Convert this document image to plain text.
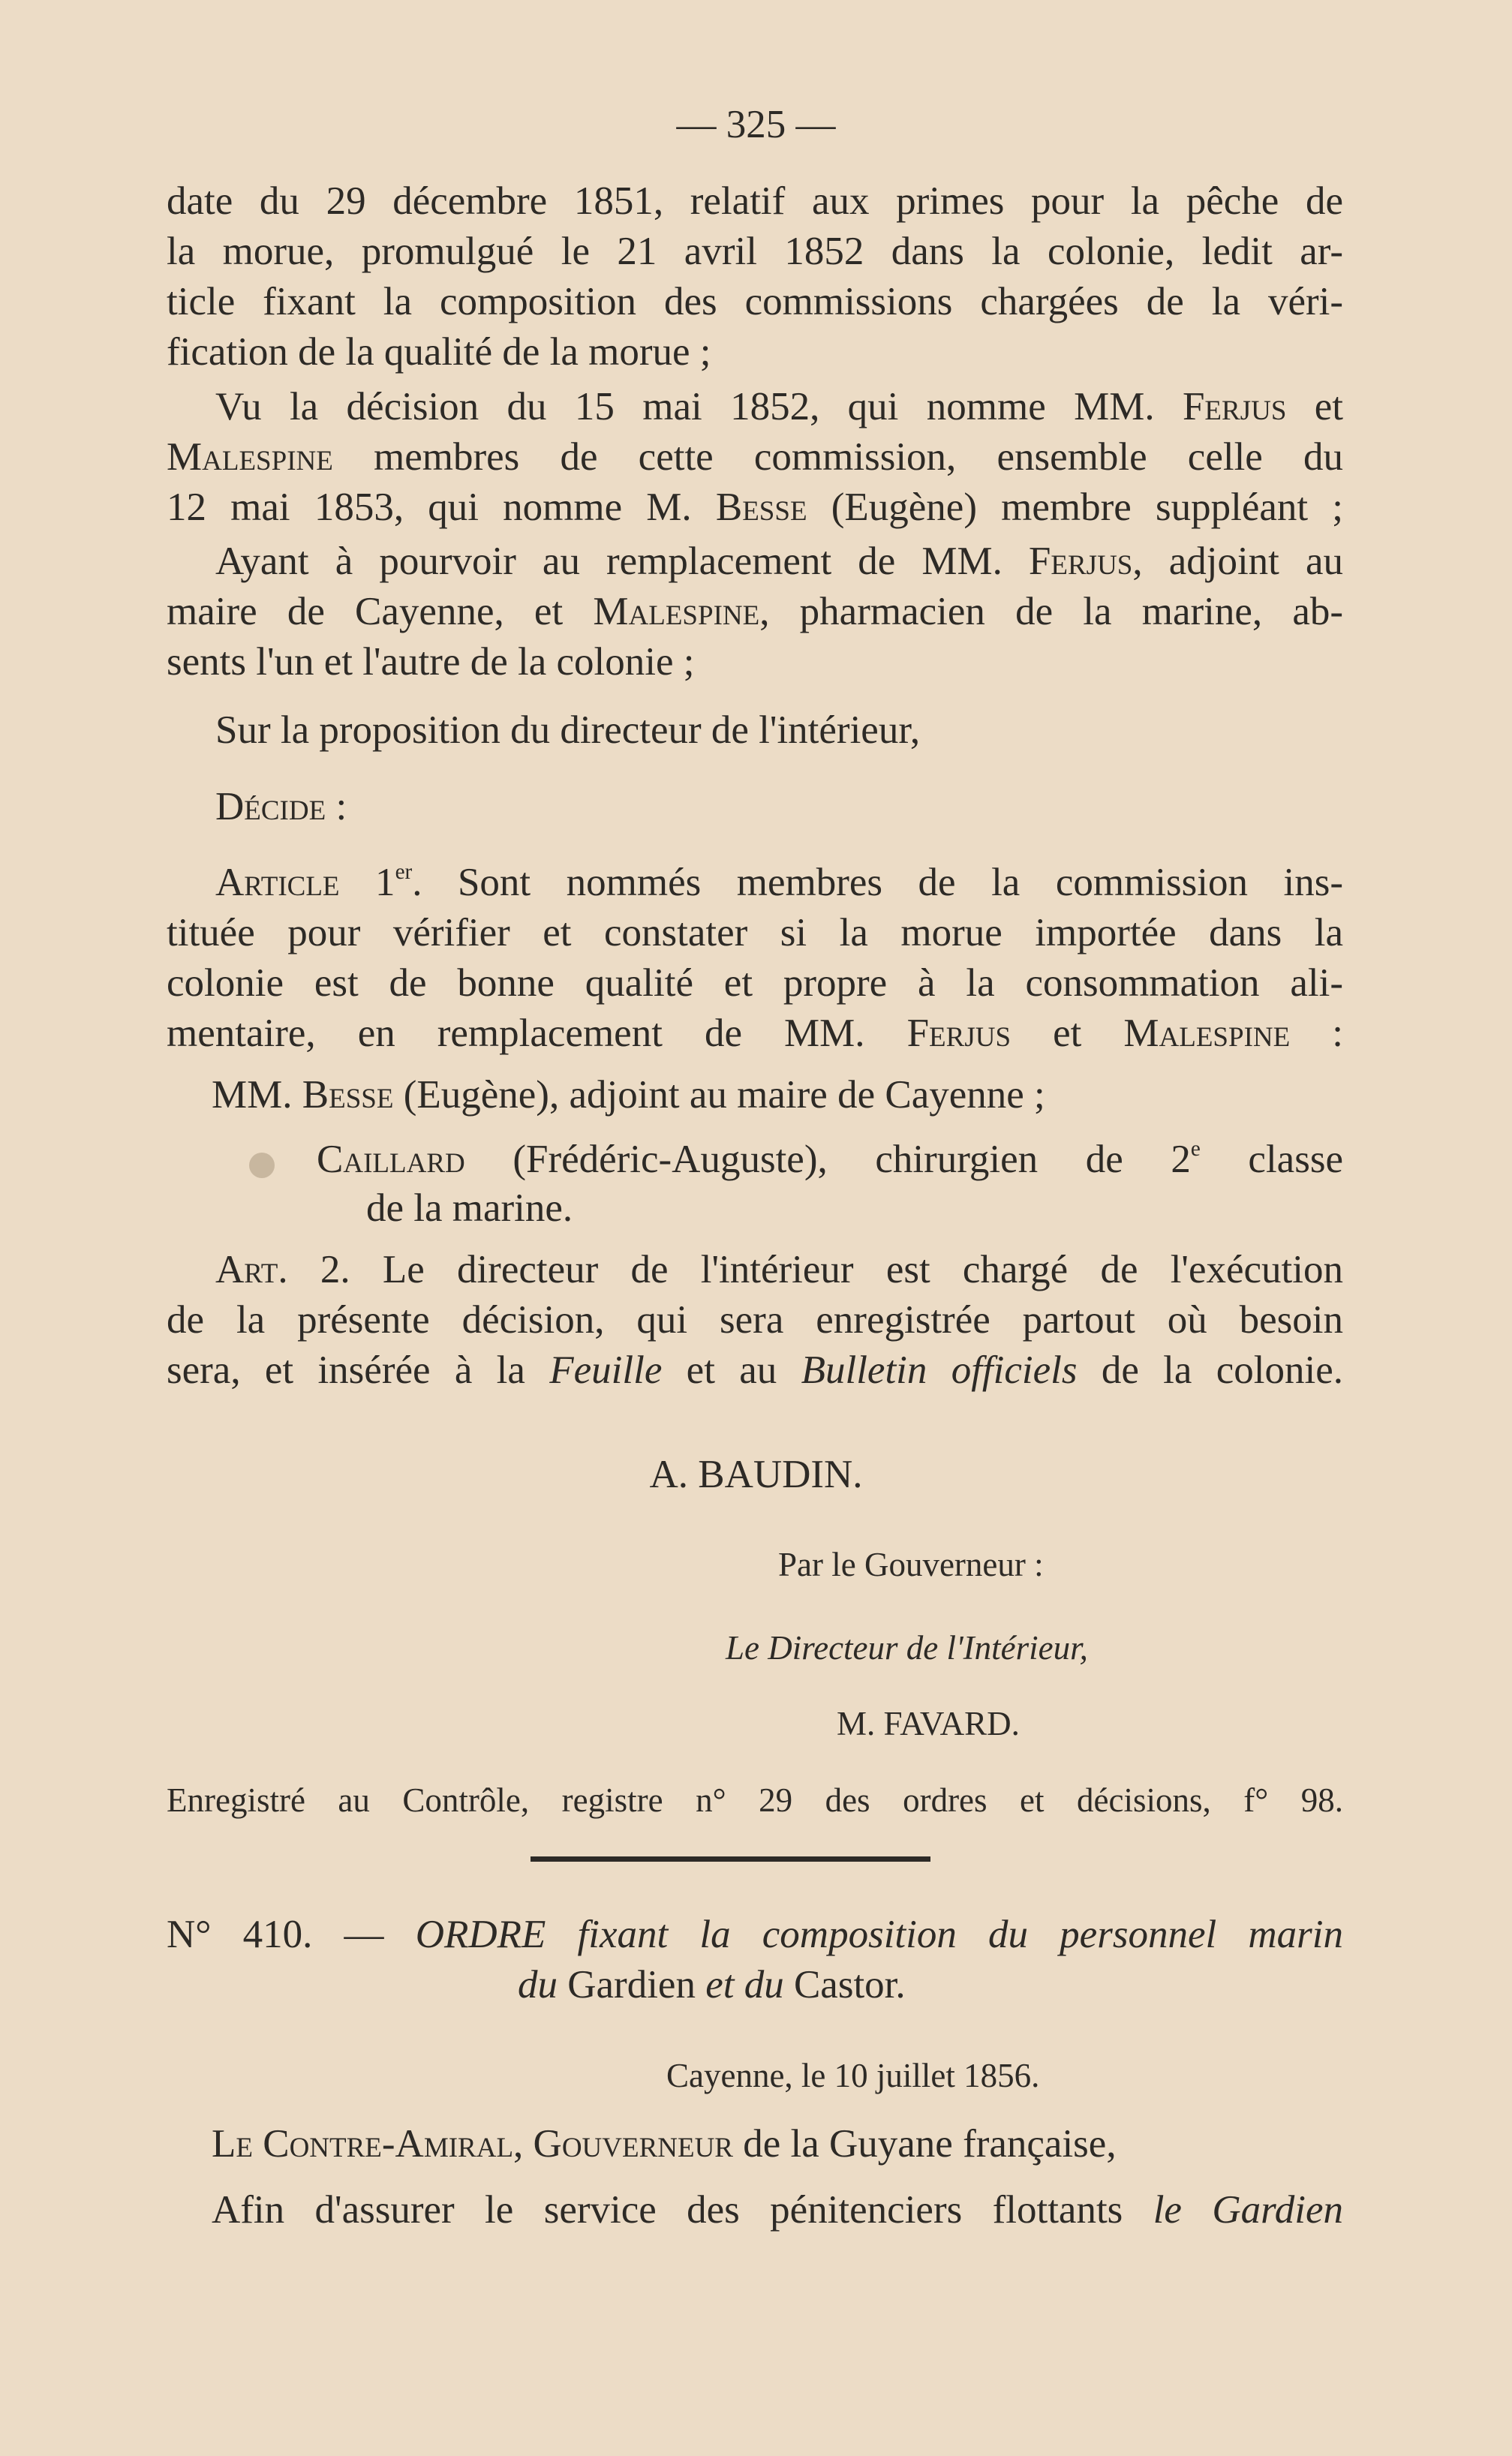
— 325 —
date du 29 décembre 1851, relatif aux primes pour la pêche de
la morue, promulgué le 21 avril 1852 dans la colonie, ledit ar-
ticle fixant la composition des commissions chargées de la véri-
fication de la qualité de la morue ;
Vu la décision du 15 mai 1852, qui nomme MM. Ferjus et
Malespine membres de cette commission, ensemble celle du
12 mai 1853, qui nomme M. Besse (Eugène) membre suppléant ;
Ayant à pourvoir au remplacement de MM. Ferjus, adjoint au
maire de Cayenne, et Malespine, pharmacien de la marine, ab-
sents l'un et l'autre de la colonie ;
Sur la proposition du directeur de l'intérieur,
Décide :
Article 1er. Sont nommés membres de la commission ins-
tituée pour vérifier et constater si la morue importée dans la
colonie est de bonne qualité et propre à la consommation ali-
mentaire, en remplacement de MM. Ferjus et Malespine :
MM. Besse (Eugène), adjoint au maire de Cayenne ;
Caillard (Frédéric-Auguste), chirurgien de 2e classe
de la marine.
Art. 2. Le directeur de l'intérieur est chargé de l'exécution
de la présente décision, qui sera enregistrée partout où besoin
sera, et insérée à la Feuille et au Bulletin officiels de la colonie.
A. BAUDIN.
Par le Gouverneur :
Le Directeur de l'Intérieur,
M. FAVARD.
Enregistré au Contrôle, registre n° 29 des ordres et décisions, f° 98.
N° 410. — ORDRE fixant la composition du personnel marin
du Gardien et du Castor.
Cayenne, le 10 juillet 1856.
Le Contre-Amiral, Gouverneur de la Guyane française,
Afin d'assurer le service des pénitenciers flottants le Gardien
